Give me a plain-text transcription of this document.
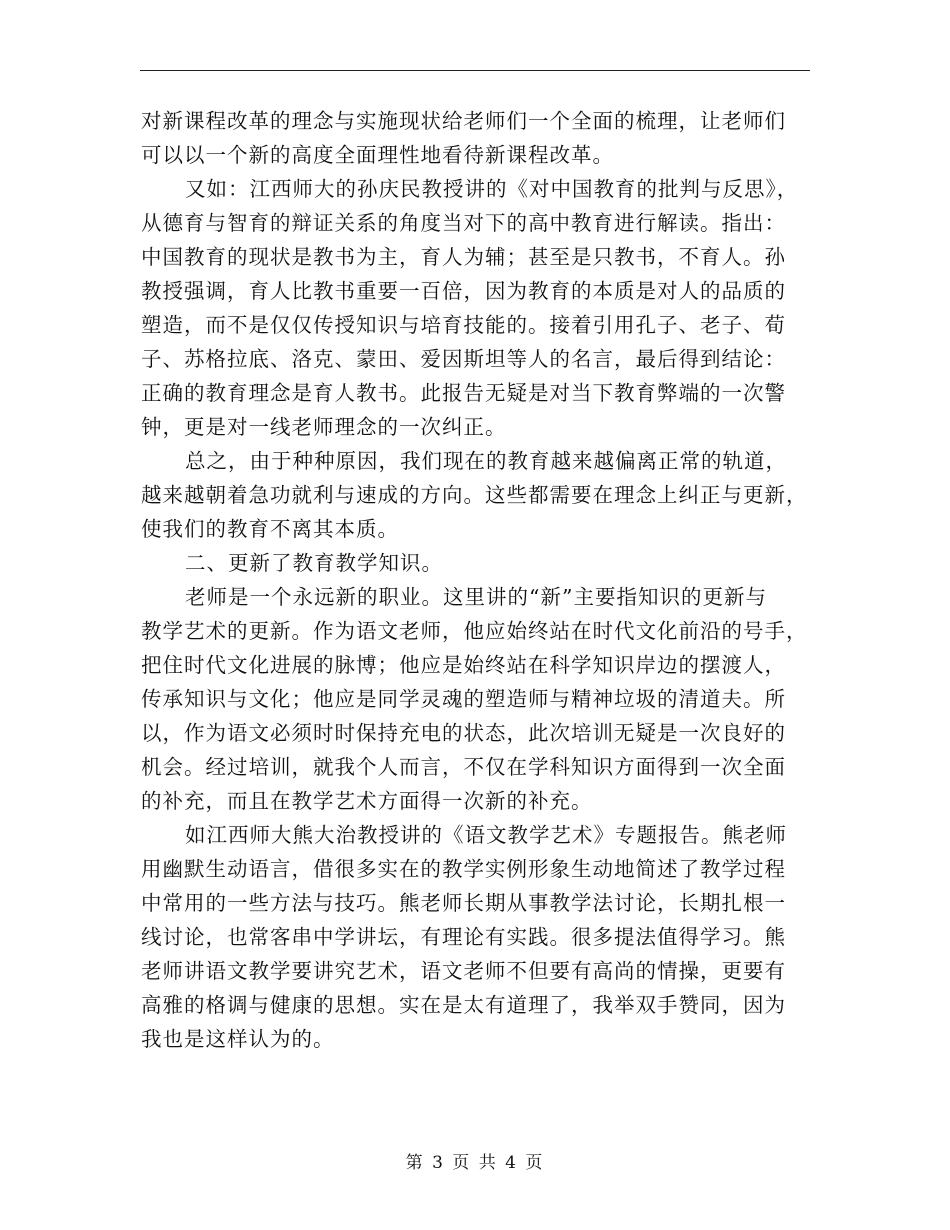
对新课程改革的理念与实施现状给老师们一个全面的梳理，让老师们
可以以一个新的高度全面理性地看待新课程改革。

又如：江西师大的孙庆民教授讲的《对中国教育的批判与反思》，
从德育与智育的辩证关系的角度当对下的高中教育进行解读。指出：
中国教育的现状是教书为主，育人为辅；甚至是只教书，不育人。孙
教授强调，育人比教书重要一百倍，因为教育的本质是对人的品质的
塑造，而不是仅仅传授知识与培育技能的。接着引用孔子、老子、荀
子、苏格拉底、洛克、蒙田、爱因斯坦等人的名言，最后得到结论：
正确的教育理念是育人教书。此报告无疑是对当下教育弊端的一次警
钟，更是对一线老师理念的一次纠正。

总之，由于种种原因，我们现在的教育越来越偏离正常的轨道，
越来越朝着急功就利与速成的方向。这些都需要在理念上纠正与更新，
使我们的教育不离其本质。

二、更新了教育教学知识。

老师是一个永远新的职业。这里讲的“新”主要指知识的更新与
教学艺术的更新。作为语文老师，他应始终站在时代文化前沿的号手，
把住时代文化进展的脉博；他应是始终站在科学知识岸边的摆渡人，
传承知识与文化；他应是同学灵魂的塑造师与精神垃圾的清道夫。所
以，作为语文必须时时保持充电的状态，此次培训无疑是一次良好的
机会。经过培训，就我个人而言，不仅在学科知识方面得到一次全面
的补充，而且在教学艺术方面得一次新的补充。

如江西师大熊大治教授讲的《语文教学艺术》专题报告。熊老师
用幽默生动语言，借很多实在的教学实例形象生动地简述了教学过程
中常用的一些方法与技巧。熊老师长期从事教学法讨论，长期扎根一
线讨论，也常客串中学讲坛，有理论有实践。很多提法值得学习。熊
老师讲语文教学要讲究艺术，语文老师不但要有高尚的情操，更要有
高雅的格调与健康的思想。实在是太有道理了，我举双手赞同，因为
我也是这样认为的。

第 3 页 共 4 页
